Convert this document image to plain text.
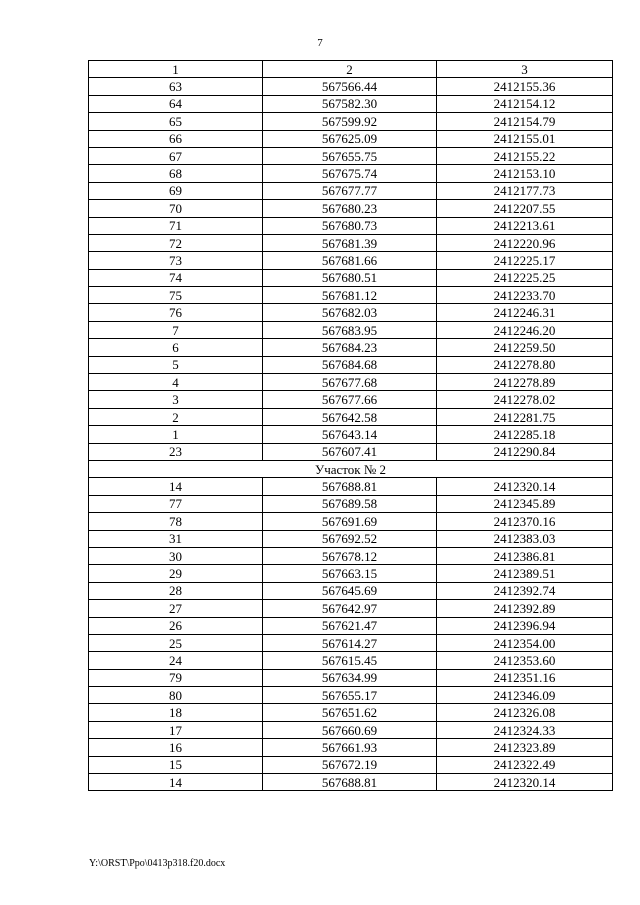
7
1	2	3
63	567566.44	2412155.36
64	567582.30	2412154.12
65	567599.92	2412154.79
66	567625.09	2412155.01
67	567655.75	2412155.22
68	567675.74	2412153.10
69	567677.77	2412177.73
70	567680.23	2412207.55
71	567680.73	2412213.61
72	567681.39	2412220.96
73	567681.66	2412225.17
74	567680.51	2412225.25
75	567681.12	2412233.70
76	567682.03	2412246.31
7	567683.95	2412246.20
6	567684.23	2412259.50
5	567684.68	2412278.80
4	567677.68	2412278.89
3	567677.66	2412278.02
2	567642.58	2412281.75
1	567643.14	2412285.18
23	567607.41	2412290.84
Участок № 2		
14	567688.81	2412320.14
77	567689.58	2412345.89
78	567691.69	2412370.16
31	567692.52	2412383.03
30	567678.12	2412386.81
29	567663.15	2412389.51
28	567645.69	2412392.74
27	567642.97	2412392.89
26	567621.47	2412396.94
25	567614.27	2412354.00
24	567615.45	2412353.60
79	567634.99	2412351.16
80	567655.17	2412346.09
18	567651.62	2412326.08
17	567660.69	2412324.33
16	567661.93	2412323.89
15	567672.19	2412322.49
14	567688.81	2412320.14
Y:\ORST\Ppo\0413p318.f20.docx
